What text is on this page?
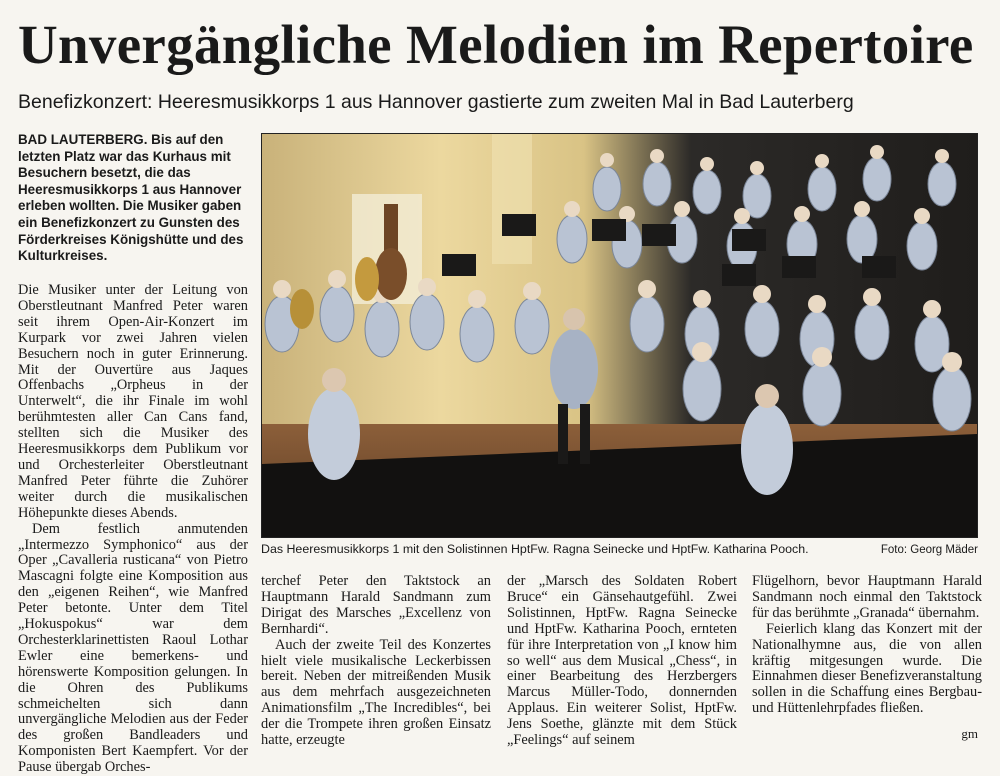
Unvergängliche Melodien im Repertoire

Benefizkonzert: Heeresmusikkorps 1 aus Hannover gastierte zum zweiten Mal in Bad Lauterberg

BAD LAUTERBERG. Bis auf den letzten Platz war das Kurhaus mit Besuchern besetzt, die das Heeresmusikkorps 1 aus Hannover erleben wollten. Die Musiker gaben ein Benefizkonzert zu Gunsten des Förderkreises Königshütte und des Kulturkreises.

Die Musiker unter der Leitung von Oberstleutnant Manfred Peter waren seit ihrem Open-Air-Konzert im Kurpark vor zwei Jahren vielen Besuchern noch in guter Erinnerung. Mit der Ouvertüre aus Jaques Offenbachs „Orpheus in der Unterwelt“, die ihr Finale im wohl berühmtesten aller Can Cans fand, stellten sich die Musiker des Heeresmusikkorps dem Publikum vor und Orchesterleiter Oberstleutnant Manfred Peter führte die Zuhörer weiter durch die musikalischen Höhepunkte dieses Abends.

Dem festlich anmutenden „Intermezzo Symphonico“ aus der Oper „Cavalleria rusticana“ von Pietro Mascagni folgte eine Komposition aus den „eigenen Reihen“, wie Manfred Peter betonte. Unter dem Titel „Hokuspokus“ war dem Orchesterklarinettisten Raoul Lothar Ewler eine bemerkens- und hörenswerte Komposition gelungen. In die Ohren des Publikums schmeichelten sich dann unvergängliche Melodien aus der Feder des großen Bandleaders und Komponisten Bert Kaempfert. Vor der Pause übergab Orches-

Das Heeresmusikkorps 1 mit den Solistinnen HptFw. Ragna Seinecke und HptFw. Katharina Pooch.	Foto: Georg Mäder

terchef Peter den Taktstock an Hauptmann Harald Sandmann zum Dirigat des Marsches „Excellenz von Bernhardi“.

Auch der zweite Teil des Konzertes hielt viele musikalische Leckerbissen bereit. Neben der mitreißenden Musik aus dem mehrfach ausgezeichneten Animationsfilm „The Incredibles“, bei der die Trompete ihren großen Einsatz hatte, erzeugte

der „Marsch des Soldaten Robert Bruce“ ein Gänsehautgefühl. Zwei Solistinnen, HptFw. Ragna Seinecke und HptFw. Katharina Pooch, ernteten für ihre Interpretation von „I know him so well“ aus dem Musical „Chess“, in einer Bearbeitung des Herzbergers Marcus Müller-Todo, donnernden Applaus. Ein weiterer Solist, HptFw. Jens Soethe, glänzte mit dem Stück „Feelings“ auf seinem

Flügelhorn, bevor Hauptmann Harald Sandmann noch einmal den Taktstock für das berühmte „Granada“ übernahm.

Feierlich klang das Konzert mit der Nationalhymne aus, die von allen kräftig mitgesungen wurde. Die Einnahmen dieser Benefizveranstaltung sollen in die Schaffung eines Bergbau- und Hüttenlehrpfades fließen.

gm
